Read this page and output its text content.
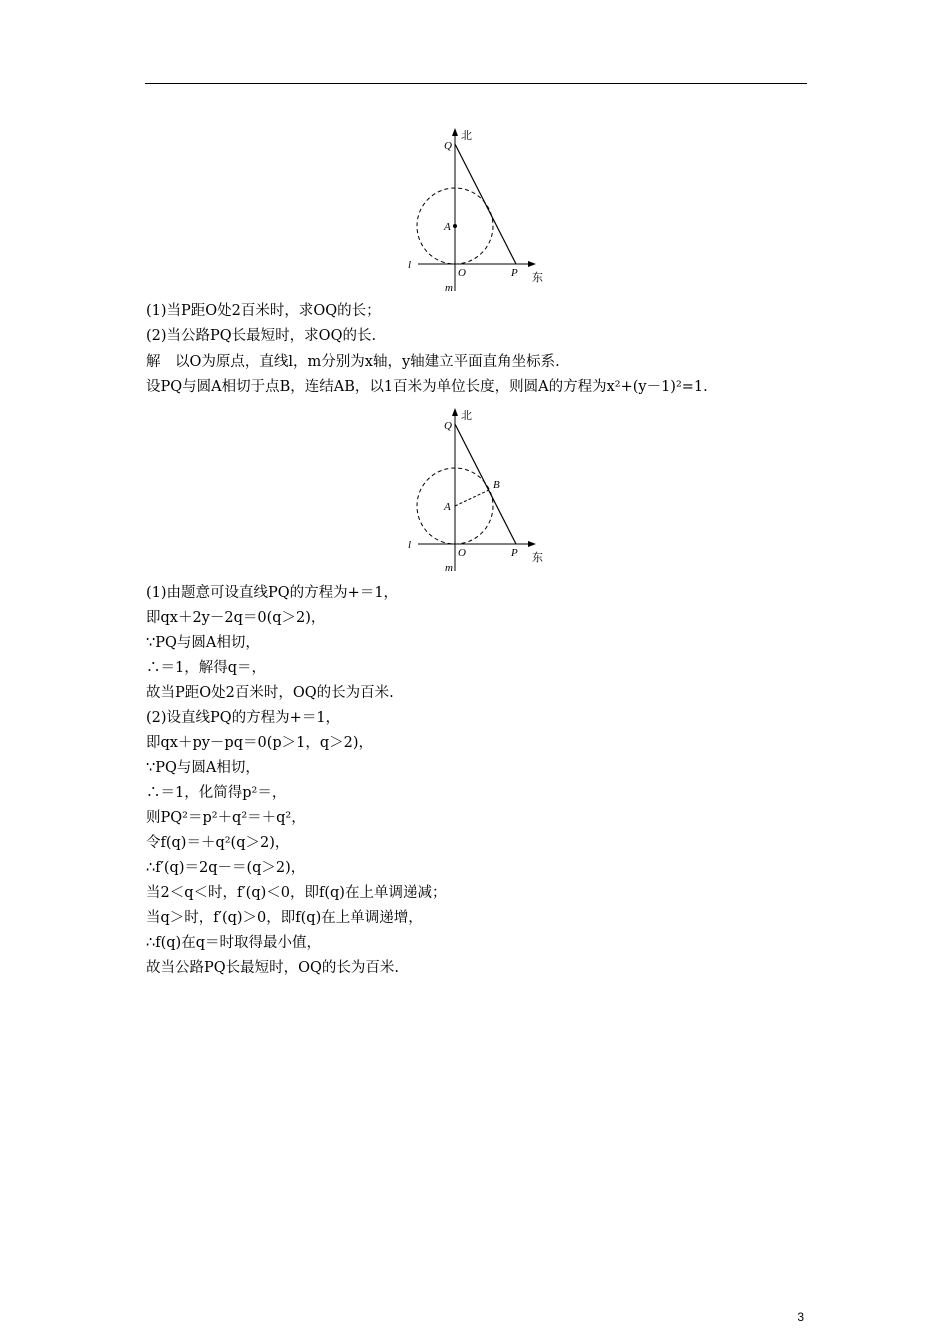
北
Q
A
O	P 东
l
m
(1)当P距O处2百米时，求OQ的长；
(2)当公路PQ长最短时，求OQ的长.
解　以O为原点，直线l，m分别为x轴，y轴建立平面直角坐标系.
设PQ与圆A相切于点B，连结AB，以1百米为单位长度，则圆A的方程为x²+(y－1)²=1.
北
Q
B
A
O	P 东
l
m
(1)由题意可设直线PQ的方程为+＝1，
即qx＋2y－2q＝0(q＞2)，
∵PQ与圆A相切，
∴＝1，解得q＝，
故当P距O处2百米时，OQ的长为百米.
(2)设直线PQ的方程为+＝1，
即qx＋py－pq＝0(p＞1，q＞2)，
∵PQ与圆A相切，
∴＝1，化简得p²＝，
则PQ²＝p²＋q²＝＋q²，
令f(q)＝＋q²(q＞2)，
∴f′(q)＝2q－＝(q＞2)，
当2＜q＜时，f′(q)＜0，即f(q)在上单调递减；
当q＞时，f′(q)＞0，即f(q)在上单调递增，
∴f(q)在q＝时取得最小值，
故当公路PQ长最短时，OQ的长为百米.
3
